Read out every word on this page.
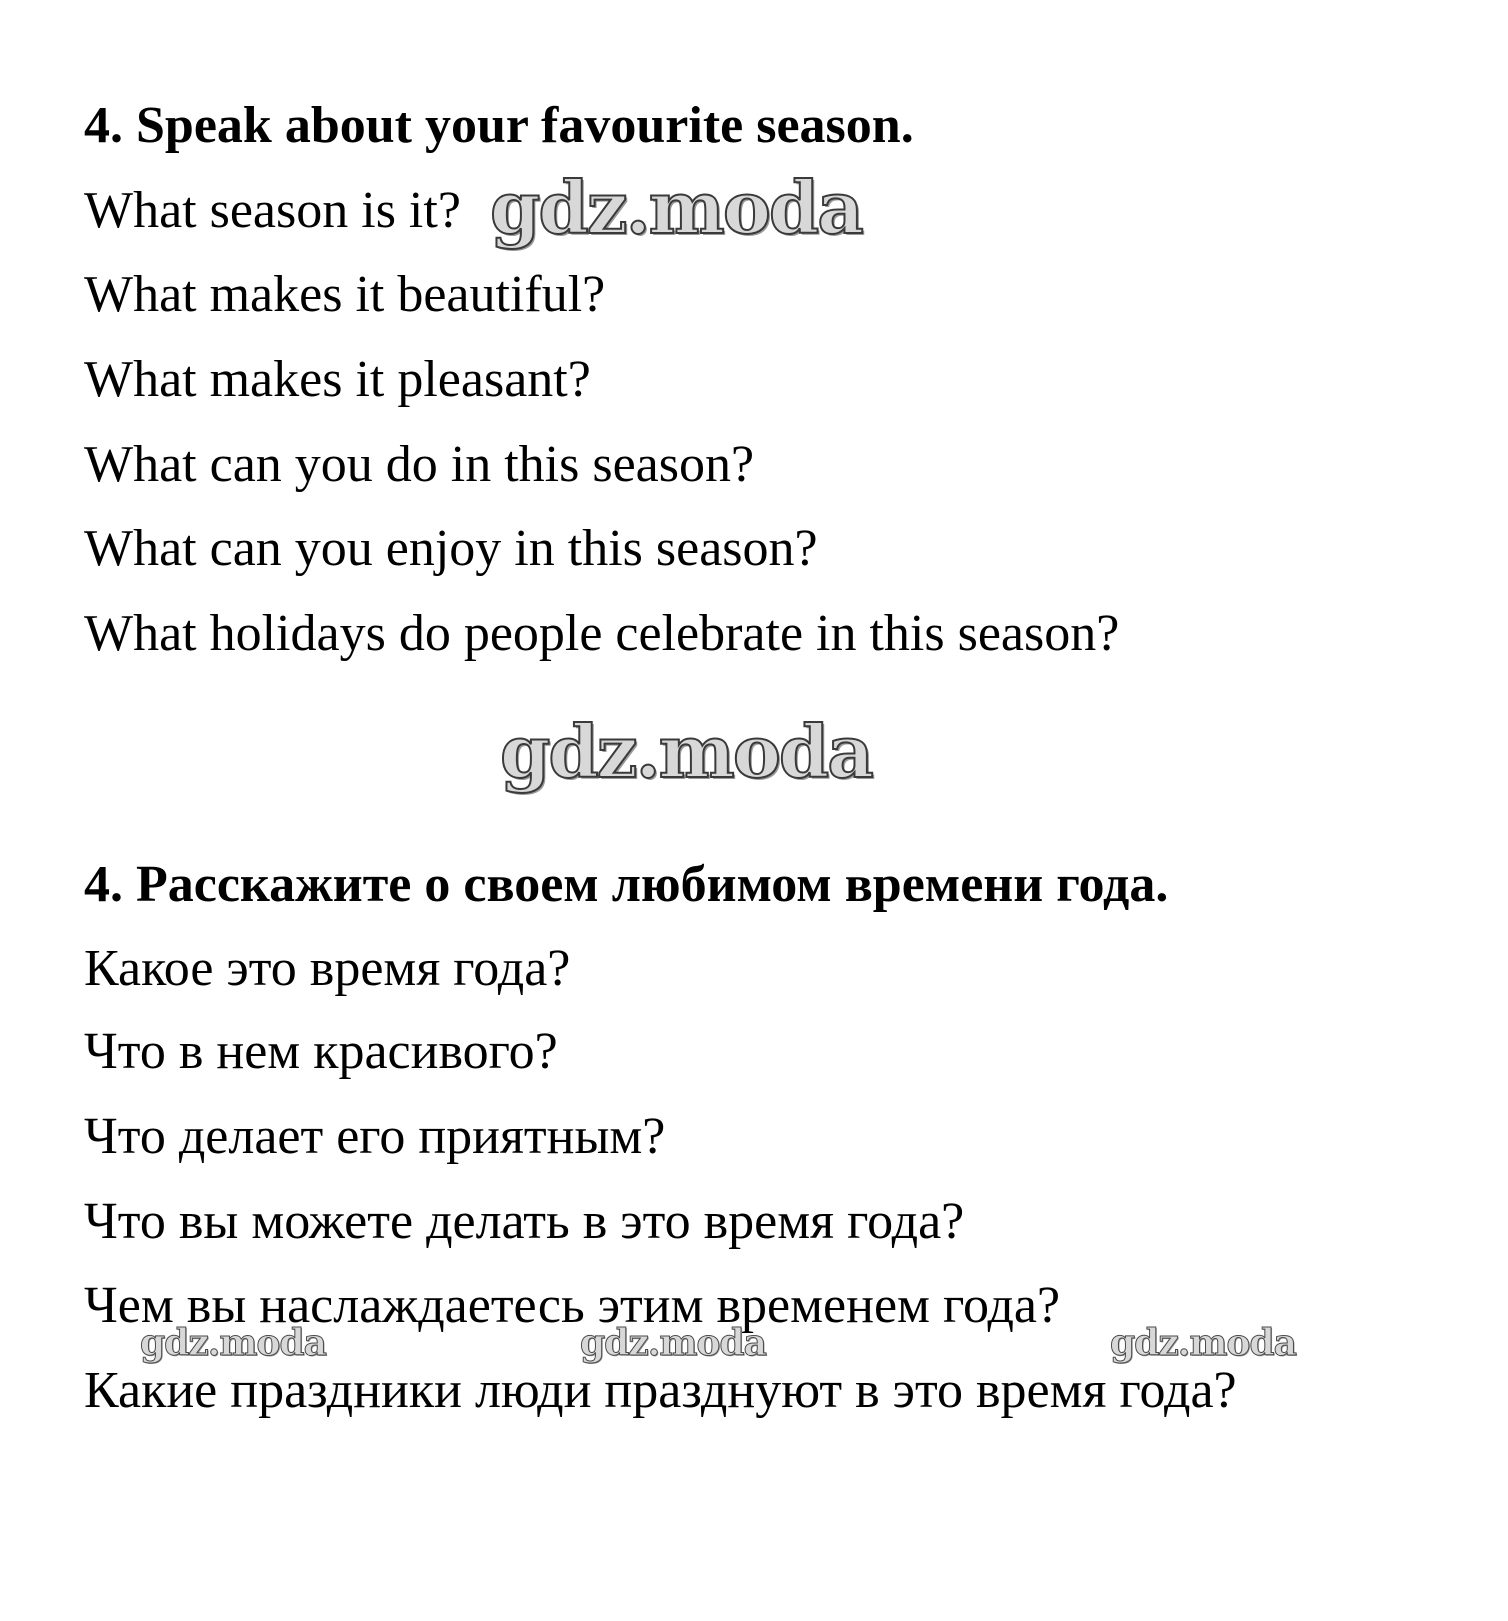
4. Speak about your favourite season.
What season is it?
What makes it beautiful?
What makes it pleasant?
What can you do in this season?
What can you enjoy in this season?
What holidays do people celebrate in this season?
4. Расскажите о своем любимом времени года.
Какое это время года?
Что в нем красивого?
Что делает его приятным?
Что вы можете делать в это время года?
Чем вы наслаждаетесь этим временем года?
Какие праздники люди празднуют в это время года?
gdz.moda
gdz.moda
gdz.moda	gdz.moda	gdz.moda
